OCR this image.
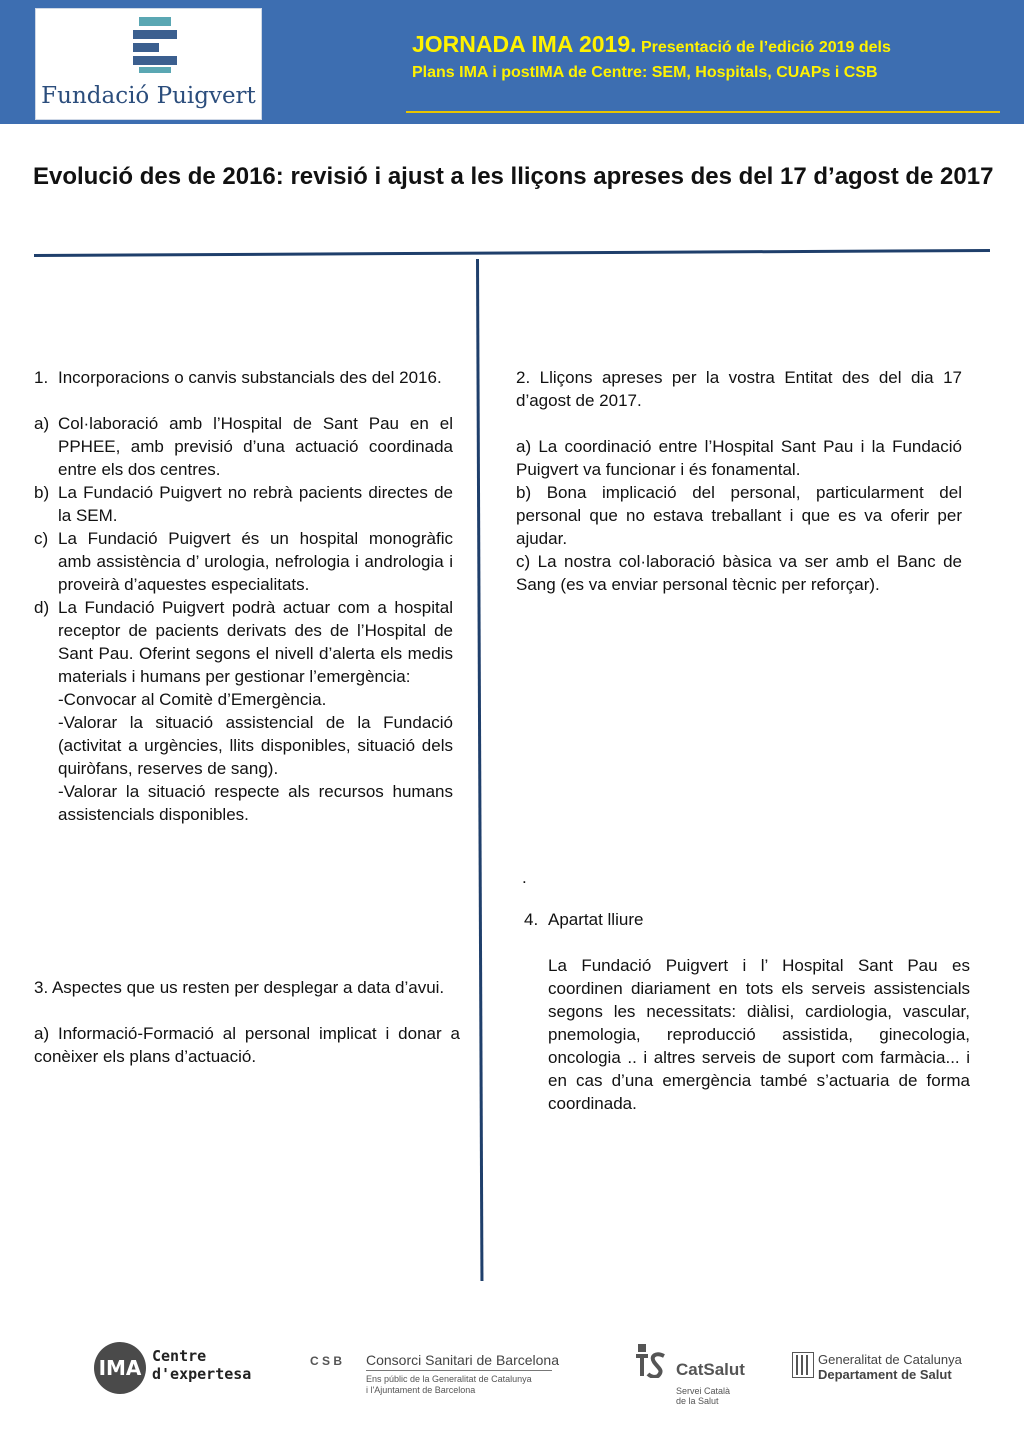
Fundació Puigvert
JORNADA IMA 2019. Presentació de l’edició 2019 dels
Plans IMA i postIMA de Centre: SEM, Hospitals, CUAPs i CSB
Evolució des de 2016: revisió i ajust a les lliçons apreses des del 17 d’agost de 2017
1. Incorporacions o canvis substancials des del 2016.
a) Col·laboració amb l’Hospital de Sant Pau en el PPHEE, amb previsió d’una actuació coordinada entre els dos centres.
b) La Fundació Puigvert no rebrà pacients directes de la SEM.
c) La Fundació Puigvert és un hospital monogràfic amb assistència d’ urologia, nefrologia i andrologia i proveirà d’aquestes especialitats.
d) La Fundació Puigvert podrà actuar com a hospital receptor de pacients derivats des de l’Hospital de Sant Pau. Oferint segons el nivell d’alerta els medis materials i humans per gestionar l’emergència:

-Convocar al Comitè d’Emergència.

-Valorar la situació assistencial de la Fundació (activitat a urgències, llits disponibles, situació dels quiròfans, reserves de sang).

-Valorar la situació respecte als recursos humans assistencials disponibles.

3. Aspectes que us resten per desplegar a data d’avui.

a) Informació-Formació al personal implicat i donar a conèixer els plans d’actuació.

2. Lliçons apreses per la vostra Entitat des del dia 17 d’agost de 2017.

a) La coordinació entre l’Hospital Sant Pau i la Fundació Puigvert va funcionar i és fonamental.

b) Bona implicació del personal, particularment del personal que no estava treballant i que es va oferir per ajudar.

c) La nostra col·laboració bàsica va ser amb el Banc de Sang (es va enviar personal tècnic per reforçar).

.
4. Apartat lliure

La Fundació Puigvert i l’ Hospital Sant Pau es coordinen diariament en tots els serveis assistencials segons les necessitats: diàlisi, cardiologia, vascular, pnemologia, reproducció assistida, ginecologia, oncologia .. i altres serveis de suport com farmàcia... i en cas d’una emergència també s’actuaria de forma coordinada.

IMA Centre
d'expertesa
C S B Consorci Sanitari de Barcelona
Ens públic de la Generalitat de Catalunya
i l'Ajuntament de Barcelona
CatSalut
Servei Català
de la Salut
Generalitat de Catalunya
Departament de Salut
